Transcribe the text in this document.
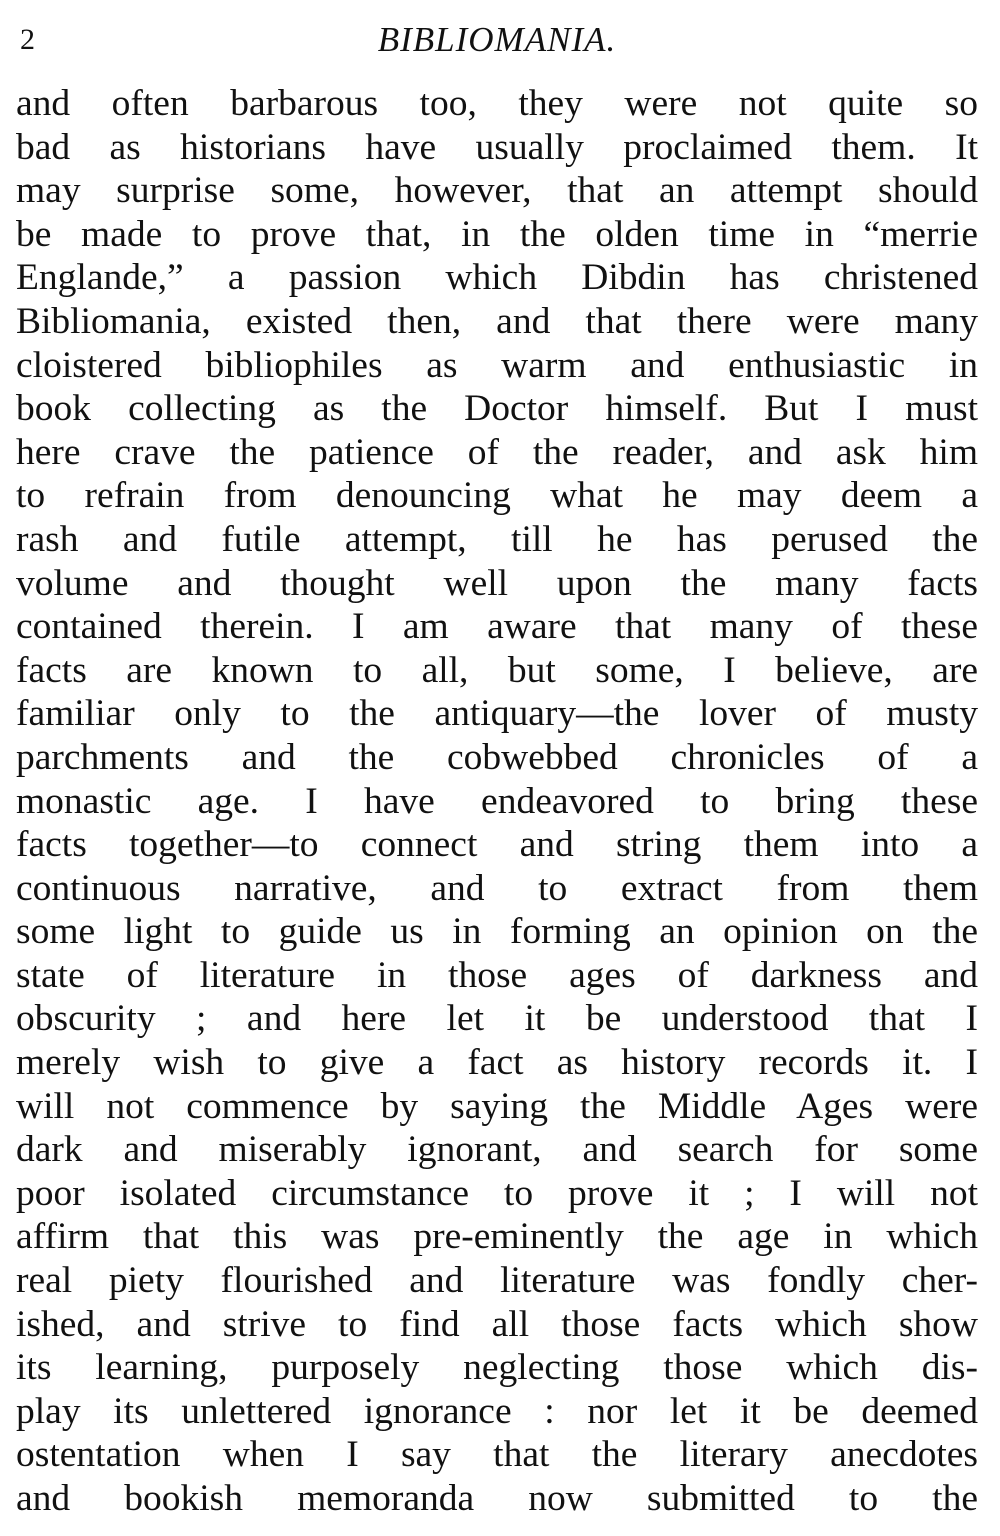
2	BIBLIOMANIA.
and often barbarous too, they were not quite so
bad as historians have usually proclaimed them. It
may surprise some, however, that an attempt should
be made to prove that, in the olden time in “merrie
Englande,” a passion which Dibdin has christened
Bibliomania, existed then, and that there were many
cloistered bibliophiles as warm and enthusiastic in
book collecting as the Doctor himself. But I must
here crave the patience of the reader, and ask him
to refrain from denouncing what he may deem a
rash and futile attempt, till he has perused the
volume and thought well upon the many facts
contained therein. I am aware that many of these
facts are known to all, but some, I believe, are
familiar only to the antiquary—the lover of musty
parchments and the cobwebbed chronicles of a
monastic age. I have endeavored to bring these
facts together—to connect and string them into a
continuous narrative, and to extract from them
some light to guide us in forming an opinion on the
state of literature in those ages of darkness and
obscurity ; and here let it be understood that I
merely wish to give a fact as history records it. I
will not commence by saying the Middle Ages were
dark and miserably ignorant, and search for some
poor isolated circumstance to prove it ; I will not
affirm that this was pre-eminently the age in which
real piety flourished and literature was fondly cher-
ished, and strive to find all those facts which show
its learning, purposely neglecting those which dis-
play its unlettered ignorance : nor let it be deemed
ostentation when I say that the literary anecdotes
and bookish memoranda now submitted to the
